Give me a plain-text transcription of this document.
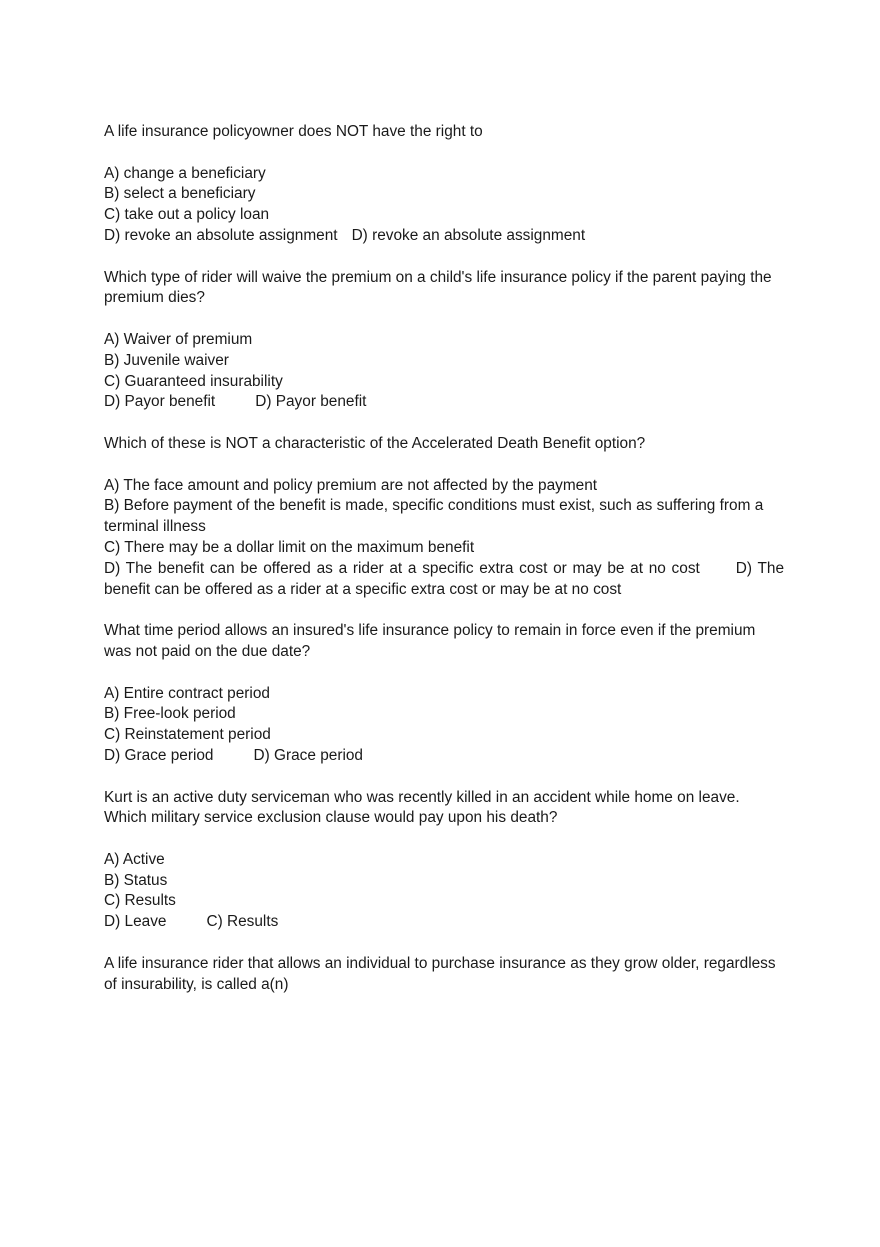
A life insurance policyowner does NOT have the right to
A) change a beneficiary
B) select a beneficiary
C) take out a policy loan
D) revoke an absolute assignment D) revoke an absolute assignment
Which type of rider will waive the premium on a child's life insurance policy if the parent paying the premium dies?
A) Waiver of premium
B) Juvenile waiver
C) Guaranteed insurability
D) Payor benefit	D) Payor benefit
Which of these is NOT a characteristic of the Accelerated Death Benefit option?
A) The face amount and policy premium are not affected by the payment
B) Before payment of the benefit is made, specific conditions must exist, such as suffering from a terminal illness
C) There may be a dollar limit on the maximum benefit
D) The benefit can be offered as a rider at a specific extra cost or may be at no cost D) The benefit can be offered as a rider at a specific extra cost or may be at no cost
What time period allows an insured's life insurance policy to remain in force even if the premium was not paid on the due date?
A) Entire contract period
B) Free-look period
C) Reinstatement period
D) Grace period	D) Grace period
Kurt is an active duty serviceman who was recently killed in an accident while home on leave. Which military service exclusion clause would pay upon his death?
A) Active
B) Status
C) Results
D) Leave	C) Results
A life insurance rider that allows an individual to purchase insurance as they grow older, regardless of insurability, is called a(n)
